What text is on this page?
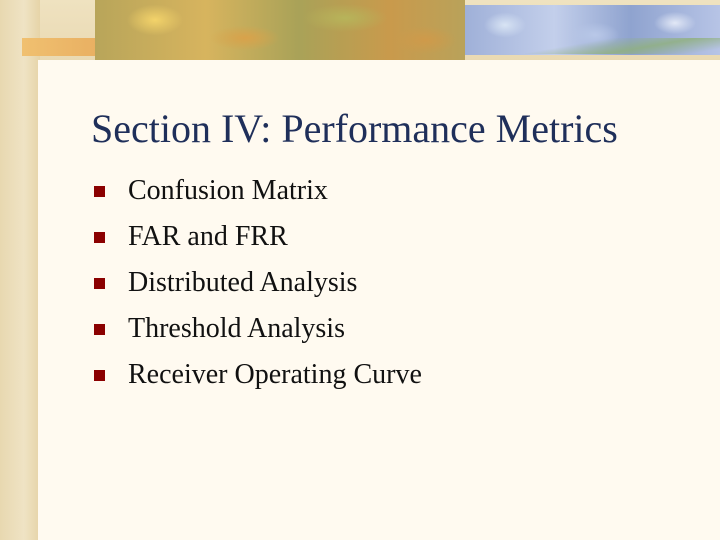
Section IV: Performance Metrics
Confusion Matrix
FAR and FRR
Distributed Analysis
Threshold Analysis
Receiver Operating Curve
